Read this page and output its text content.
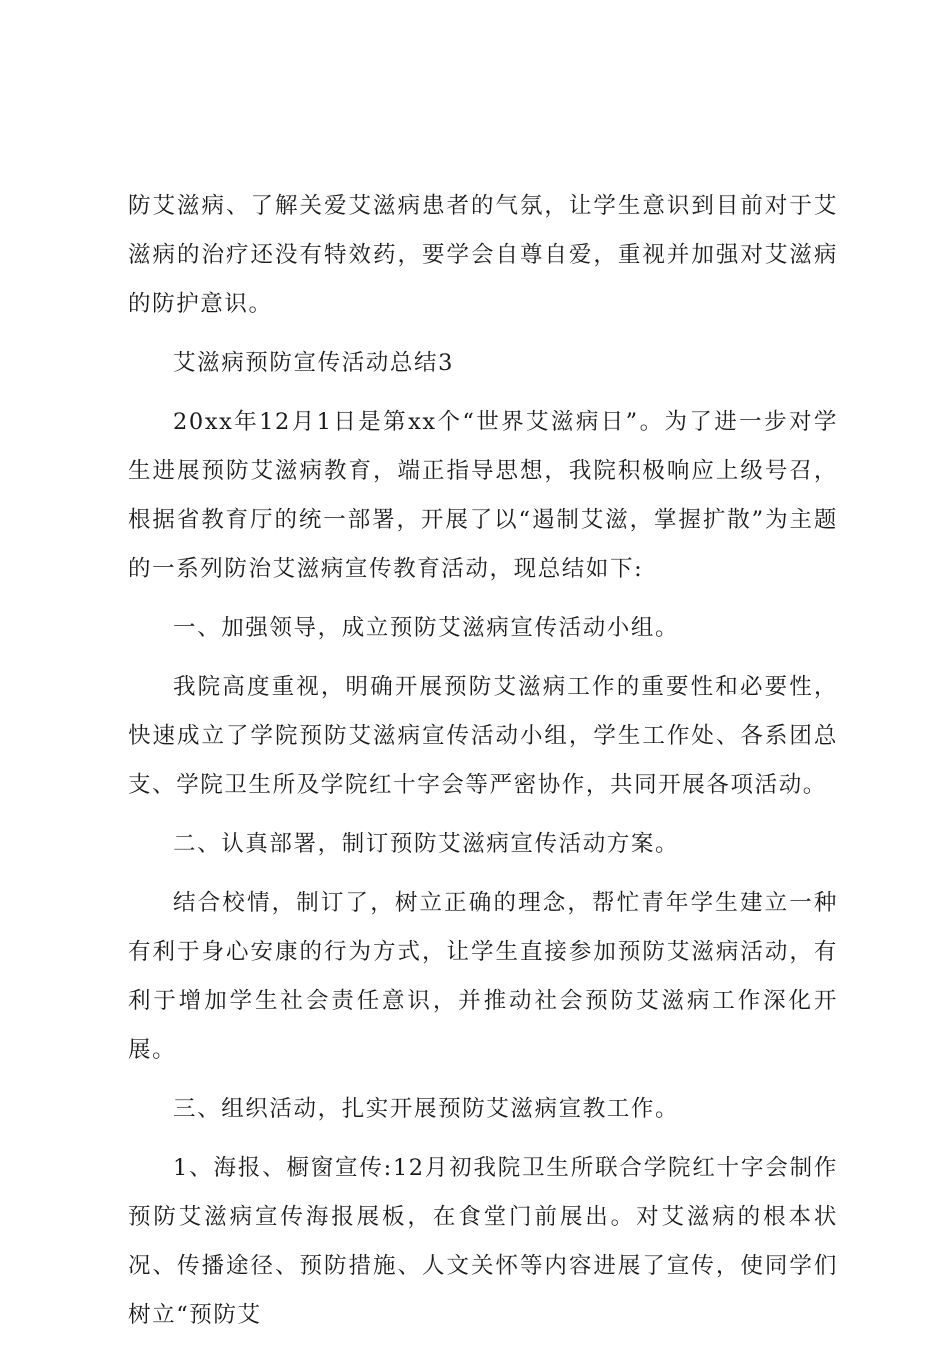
防艾滋病、了解关爱艾滋病患者的气氛，让学生意识到目前对于艾滋病的治疗还没有特效药，要学会自尊自爱，重视并加强对艾滋病的防护意识。

艾滋病预防宣传活动总结3

20xx年12月1日是第xx个“世界艾滋病日”。为了进一步对学生进展预防艾滋病教育，端正指导思想，我院积极响应上级号召，根据省教育厅的统一部署，开展了以“遏制艾滋，掌握扩散”为主题的一系列防治艾滋病宣传教育活动，现总结如下:

一、加强领导，成立预防艾滋病宣传活动小组。

我院高度重视，明确开展预防艾滋病工作的重要性和必要性，快速成立了学院预防艾滋病宣传活动小组，学生工作处、各系团总支、学院卫生所及学院红十字会等严密协作，共同开展各项活动。

二、认真部署，制订预防艾滋病宣传活动方案。

结合校情，制订了，树立正确的理念，帮忙青年学生建立一种有利于身心安康的行为方式，让学生直接参加预防艾滋病活动，有利于增加学生社会责任意识，并推动社会预防艾滋病工作深化开展。

三、组织活动，扎实开展预防艾滋病宣教工作。

1、海报、橱窗宣传:12月初我院卫生所联合学院红十字会制作预防艾滋病宣传海报展板，在食堂门前展出。对艾滋病的根本状况、传播途径、预防措施、人文关怀等内容进展了宣传，使同学们树立“预防艾
